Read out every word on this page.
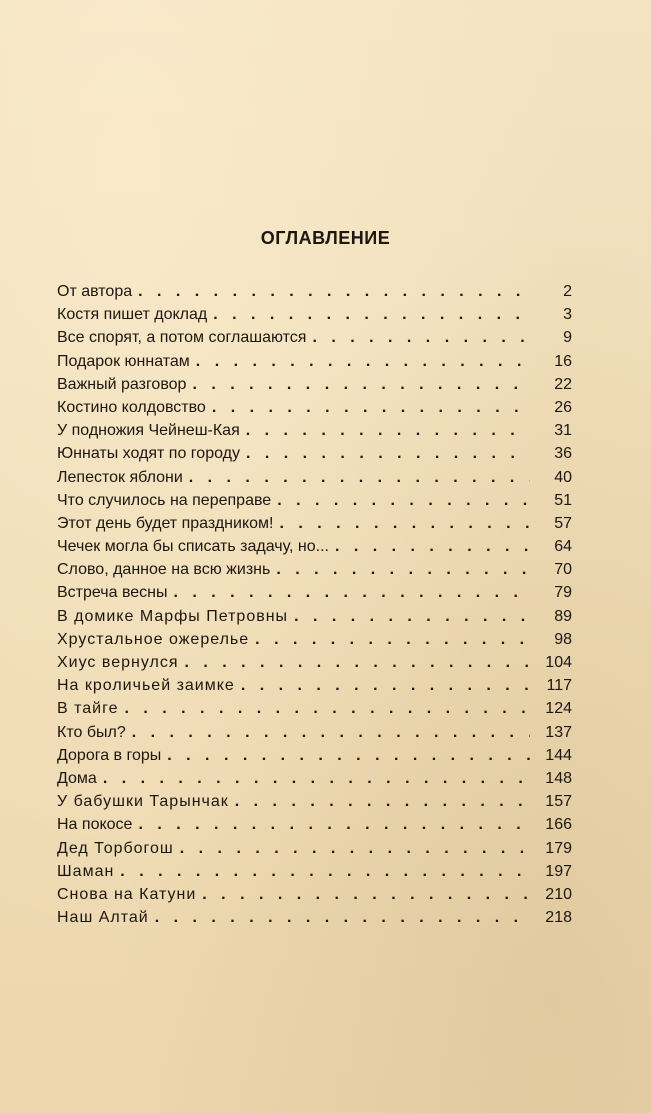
ОГЛАВЛЕНИЕ
От автора . . .	2
Костя пишет доклад . . .	3
Все спорят, а потом соглашаются . . .	9
Подарок юннатам . . .	16
Важный разговор . . .	22
Костино колдовство . . .	26
У подножия Чейнеш-Кая . . .	31
Юннаты ходят по городу . . .	36
Лепесток яблони . . .	40
Что случилось на переправе . . .	51
Этот день будет праздником! . . .	57
Чечек могла бы списать задачу, но... . . .	64
Слово, данное на всю жизнь . . .	70
Встреча весны . . .	79
В домике Марфы Петровны . . .	89
Хрустальное ожерелье . . .	98
Хиус вернулся . . .	104
На кроличьей заимке . . .	117
В тайге . . .	124
Кто был? . . .	137
Дорога в горы . . .	144
Дома . . .	148
У бабушки Тарынчак . . .	157
На покосе . . .	166
Дед Торбогош . . .	179
Шаман . . .	197
Снова на Катуни . . .	210
Наш Алтай . . .	218
